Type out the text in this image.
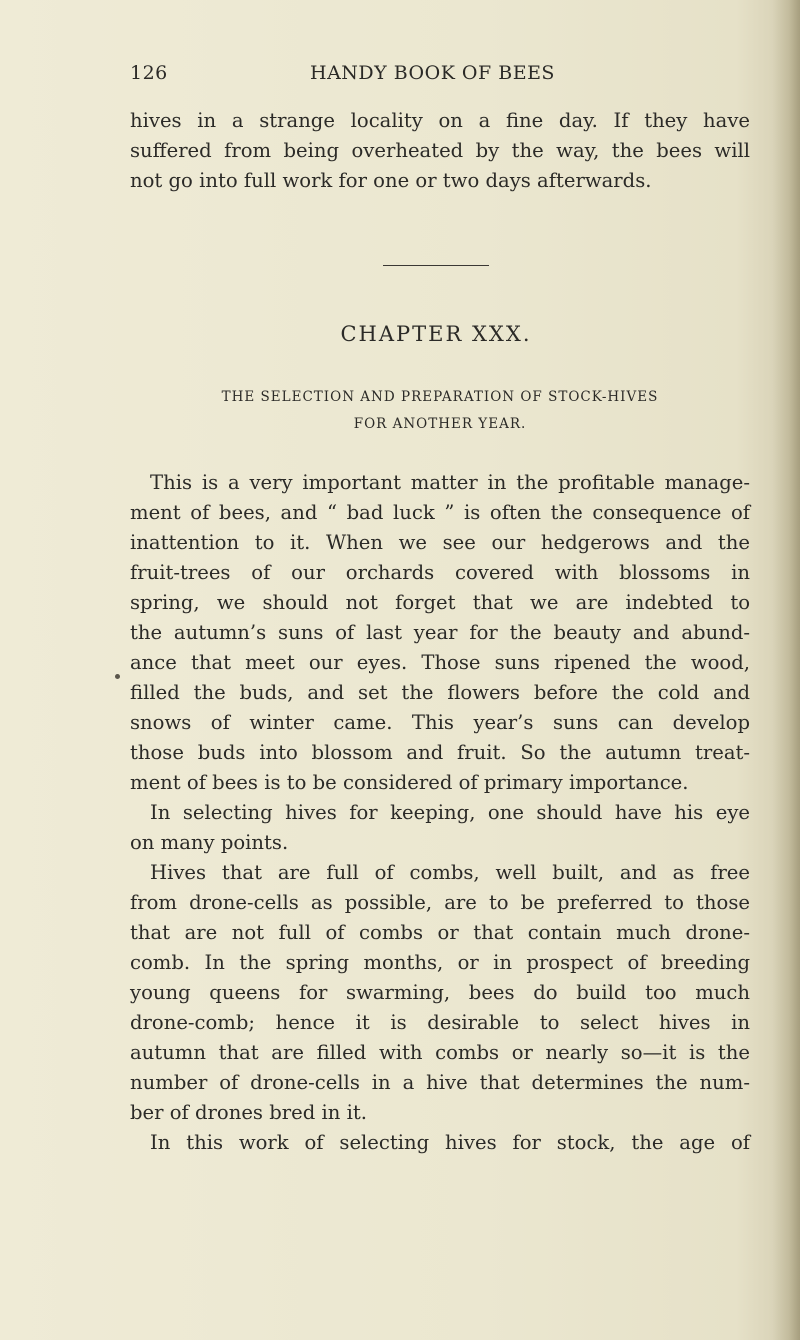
126	HANDY BOOK OF BEES
hives in a strange locality on a fine day. If they have
suffered from being overheated by the way, the bees will
not go into full work for one or two days afterwards.
CHAPTER XXX.
THE SELECTION AND PREPARATION OF STOCK-HIVES
FOR ANOTHER YEAR.
This is a very important matter in the profitable manage-
ment of bees, and “ bad luck ” is often the consequence of
inattention to it. When we see our hedgerows and the
fruit-trees of our orchards covered with blossoms in
spring, we should not forget that we are indebted to
the autumn’s suns of last year for the beauty and abund-
ance that meet our eyes. Those suns ripened the wood,
filled the buds, and set the flowers before the cold and
snows of winter came. This year’s suns can develop
those buds into blossom and fruit. So the autumn treat-
ment of bees is to be considered of primary importance.
In selecting hives for keeping, one should have his eye
on many points.
Hives that are full of combs, well built, and as free
from drone-cells as possible, are to be preferred to those
that are not full of combs or that contain much drone-
comb. In the spring months, or in prospect of breeding
young queens for swarming, bees do build too much
drone-comb; hence it is desirable to select hives in
autumn that are filled with combs or nearly so—it is the
number of drone-cells in a hive that determines the num-
ber of drones bred in it.
In this work of selecting hives for stock, the age of
